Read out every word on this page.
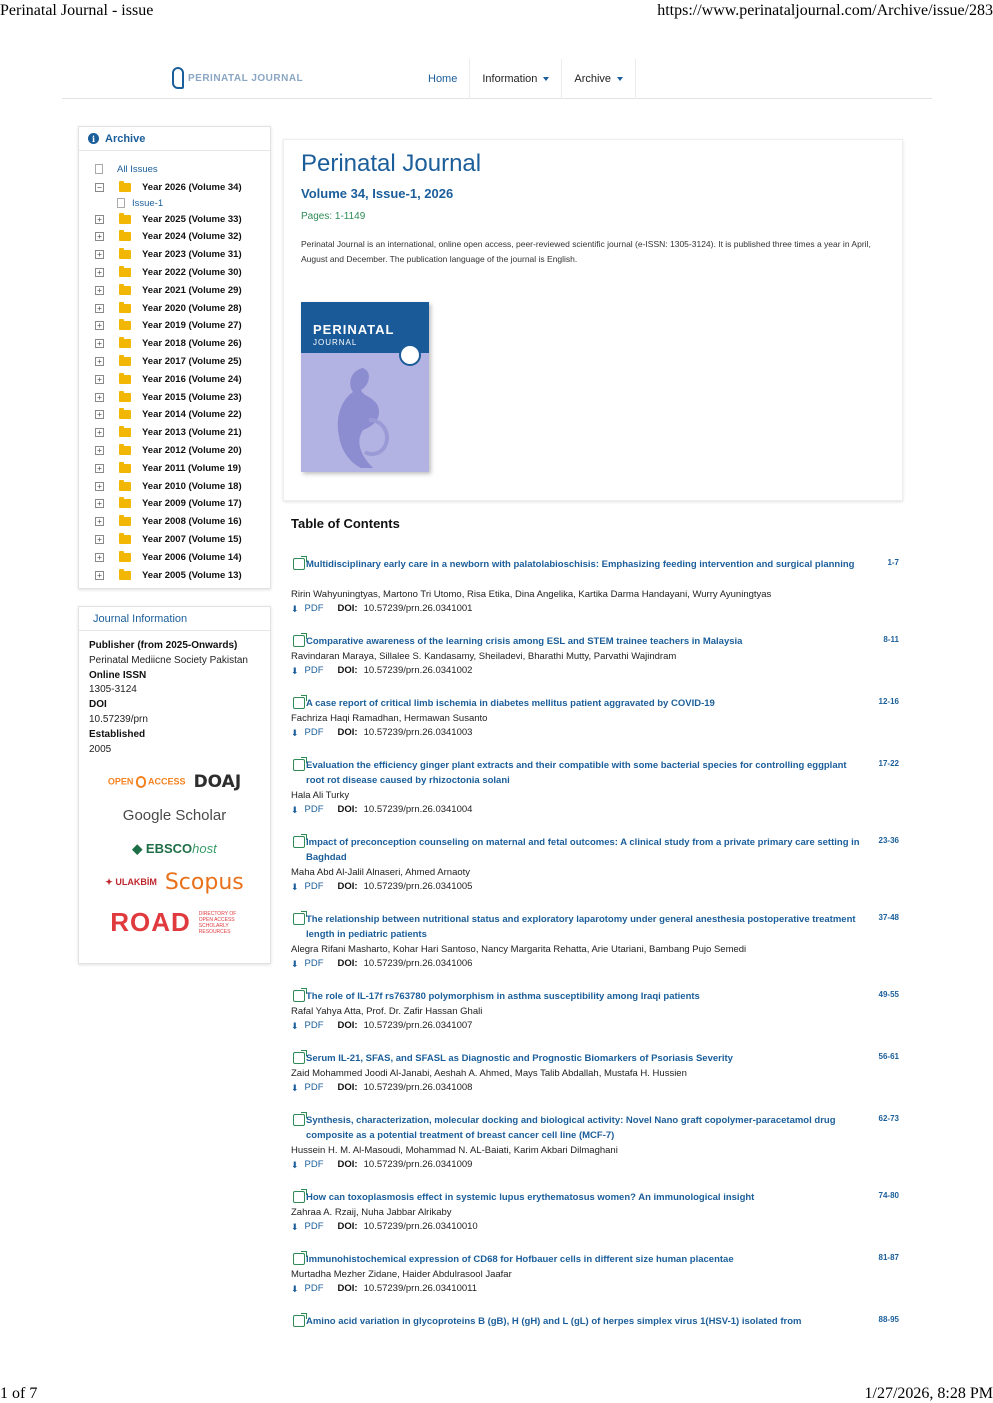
Perinatal Journal - issue	https://www.perinataljournal.com/Archive/issue/283
PERINATAL JOURNAL	Home	Information	Archive
i Archive
All Issues
−	Year 2026 (Volume 34)
Issue-1
+	Year 2025 (Volume 33)
+	Year 2024 (Volume 32)
+	Year 2023 (Volume 31)
+	Year 2022 (Volume 30)
+	Year 2021 (Volume 29)
+	Year 2020 (Volume 28)
+	Year 2019 (Volume 27)
+	Year 2018 (Volume 26)
+	Year 2017 (Volume 25)
+	Year 2016 (Volume 24)
+	Year 2015 (Volume 23)
+	Year 2014 (Volume 22)
+	Year 2013 (Volume 21)
+	Year 2012 (Volume 20)
+	Year 2011 (Volume 19)
+	Year 2010 (Volume 18)
+	Year 2009 (Volume 17)
+	Year 2008 (Volume 16)
+	Year 2007 (Volume 15)
+	Year 2006 (Volume 14)
+	Year 2005 (Volume 13)
Journal Information
Publisher (from 2025-Onwards)
Perinatal Mediicne Society Pakistan
Online ISSN
1305-3124
DOI
10.57239/prn
Established
2005
OPEN ACCESS DOAJ
Google Scholar
◆ EBSCOhost
✦ ULAKBİM Scopus
ROAD DIRECTORY OF OPEN ACCESS SCHOLARLY RESOURCES
Perinatal Journal
Volume 34, Issue-1, 2026
Pages: 1-1149
Perinatal Journal is an international, online open access, peer-reviewed scientific journal (e-ISSN: 1305-3124). It is published three times a year in April, August and December. The publication language of the journal is English.
PERINATAL
JOURNAL
Table of Contents
Multidisciplinary early care in a newborn with palatolabioschisis: Emphasizing feeding intervention and surgical planning	1-7
Ririn Wahyuningtyas, Martono Tri Utomo, Risa Etika, Dina Angelika, Kartika Darma Handayani, Wurry Ayuningtyas
⬇ PDF DOI: 10.57239/prn.26.0341001
Comparative awareness of the learning crisis among ESL and STEM trainee teachers in Malaysia	8-11
Ravindaran Maraya, Sillalee S. Kandasamy, Sheiladevi, Bharathi Mutty, Parvathi Wajindram
⬇ PDF DOI: 10.57239/prn.26.0341002
A case report of critical limb ischemia in diabetes mellitus patient aggravated by COVID-19	12-16
Fachriza Haqi Ramadhan, Hermawan Susanto
⬇ PDF DOI: 10.57239/prn.26.0341003
Evaluation the efficiency ginger plant extracts and their compatible with some bacterial species for controlling eggplant root rot disease caused by rhizoctonia solani
17-22
Hala Ali Turky
⬇ PDF DOI: 10.57239/prn.26.0341004
Impact of preconception counseling on maternal and fetal outcomes: A clinical study from a private primary care setting in Baghdad
23-36
Maha Abd Al-Jalil Alnaseri, Ahmed Arnaoty
⬇ PDF DOI: 10.57239/prn.26.0341005
The relationship between nutritional status and exploratory laparotomy under general anesthesia postoperative treatment length in pediatric patients
37-48
Alegra Rifani Masharto, Kohar Hari Santoso, Nancy Margarita Rehatta, Arie Utariani, Bambang Pujo Semedi
⬇ PDF DOI: 10.57239/prn.26.0341006
The role of IL-17f rs763780 polymorphism in asthma susceptibility among Iraqi patients	49-55
Rafal Yahya Atta, Prof. Dr. Zafir Hassan Ghali
⬇ PDF DOI: 10.57239/prn.26.0341007
Serum IL-21, SFAS, and SFASL as Diagnostic and Prognostic Biomarkers of Psoriasis Severity	56-61
Zaid Mohammed Joodi Al-Janabi, Aeshah A. Ahmed, Mays Talib Abdallah, Mustafa H. Hussien
⬇ PDF DOI: 10.57239/prn.26.0341008
Synthesis, characterization, molecular docking and biological activity: Novel Nano graft copolymer-paracetamol drug composite as a potential treatment of breast cancer cell line (MCF-7)
62-73
Hussein H. M. Al-Masoudi, Mohammad N. AL-Baiati, Karim Akbari Dilmaghani
⬇ PDF DOI: 10.57239/prn.26.0341009
How can toxoplasmosis effect in systemic lupus erythematosus women? An immunological insight	74-80
Zahraa A. Rzaij, Nuha Jabbar Alrikaby
⬇ PDF DOI: 10.57239/prn.26.03410010
Immunohistochemical expression of CD68 for Hofbauer cells in different size human placentae	81-87
Murtadha Mezher Zidane, Haider Abdulrasool Jaafar
⬇ PDF DOI: 10.57239/prn.26.03410011
Amino acid variation in glycoproteins B (gB), H (gH) and L (gL) of herpes simplex virus 1(HSV-1) isolated from	88-95
1 of 7	1/27/2026, 8:28 PM
